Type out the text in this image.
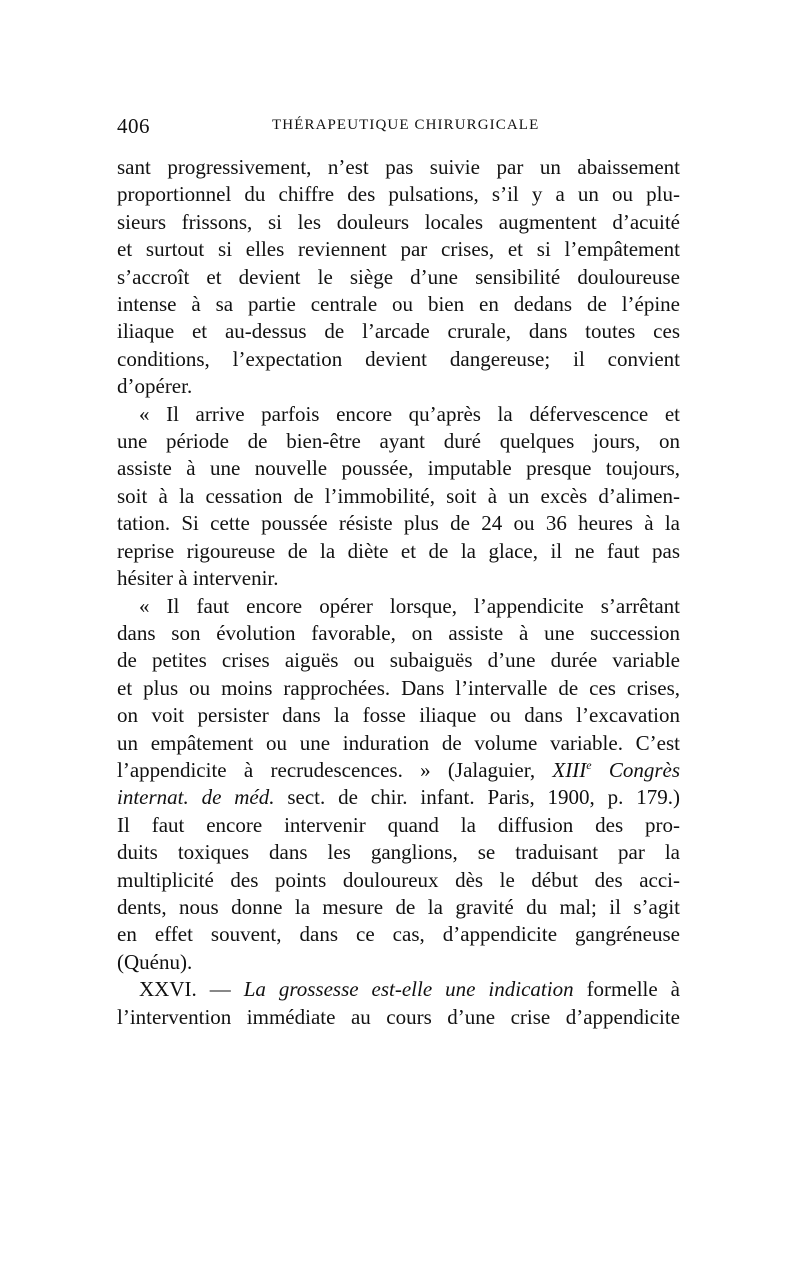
406	THÉRAPEUTIQUE CHIRURGICALE
sant progressivement, n’est pas suivie par un abaissement
proportionnel du chiffre des pulsations, s’il y a un ou plu-
sieurs frissons, si les douleurs locales augmentent d’acuité
et surtout si elles reviennent par crises, et si l’empâtement
s’accroît et devient le siège d’une sensibilité douloureuse
intense à sa partie centrale ou bien en dedans de l’épine
iliaque et au-dessus de l’arcade crurale, dans toutes ces
conditions, l’expectation devient dangereuse; il convient
d’opérer.
« Il arrive parfois encore qu’après la défervescence et
une période de bien-être ayant duré quelques jours, on
assiste à une nouvelle poussée, imputable presque toujours,
soit à la cessation de l’immobilité, soit à un excès d’alimen-
tation. Si cette poussée résiste plus de 24 ou 36 heures à la
reprise rigoureuse de la diète et de la glace, il ne faut pas
hésiter à intervenir.
« Il faut encore opérer lorsque, l’appendicite s’arrêtant
dans son évolution favorable, on assiste à une succession
de petites crises aiguës ou subaiguës d’une durée variable
et plus ou moins rapprochées. Dans l’intervalle de ces crises,
on voit persister dans la fosse iliaque ou dans l’excavation
un empâtement ou une induration de volume variable. C’est
l’appendicite à recrudescences. » (Jalaguier, XIIIe Congrès
internat. de méd. sect. de chir. infant. Paris, 1900, p. 179.)
Il faut encore intervenir quand la diffusion des pro-
duits toxiques dans les ganglions, se traduisant par la
multiplicité des points douloureux dès le début des acci-
dents, nous donne la mesure de la gravité du mal; il s’agit
en effet souvent, dans ce cas, d’appendicite gangréneuse
(Quénu).
XXVI. — La grossesse est-elle une indication formelle à
l’intervention immédiate au cours d’une crise d’appendicite
